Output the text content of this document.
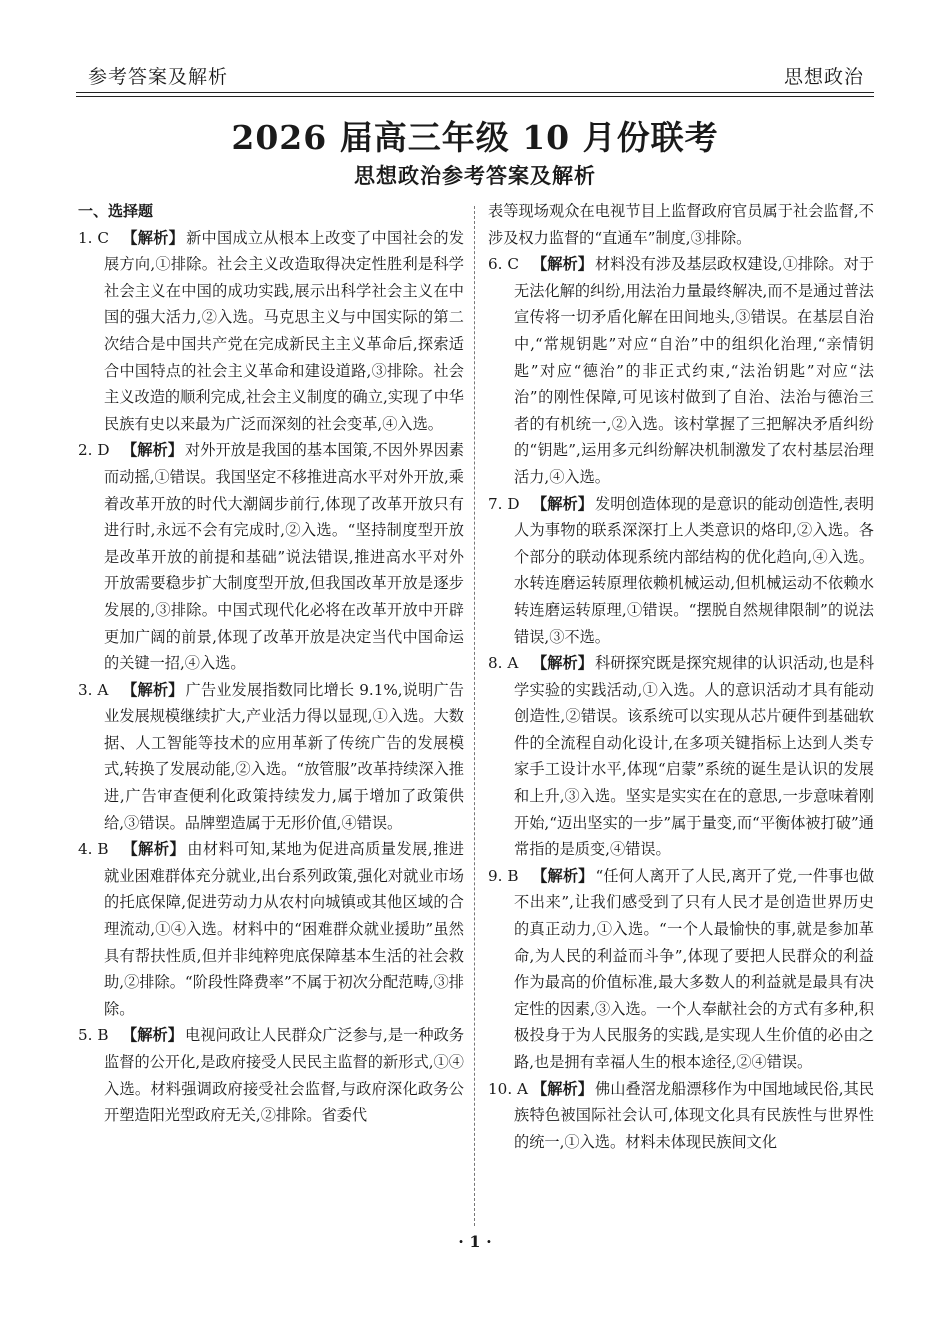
参考答案及解析	思想政治
2026 届高三年级 10 月份联考
思想政治参考答案及解析

一、选择题

1. C 【解析】 新中国成立从根本上改变了中国社会的发展方向,①排除。社会主义改造取得决定性胜利是科学社会主义在中国的成功实践,展示出科学社会主义在中国的强大活力,②入选。马克思主义与中国实际的第二次结合是中国共产党在完成新民主主义革命后,探索适合中国特点的社会主义革命和建设道路,③排除。社会主义改造的顺利完成,社会主义制度的确立,实现了中华民族有史以来最为广泛而深刻的社会变革,④入选。

2. D 【解析】 对外开放是我国的基本国策,不因外界因素而动摇,①错误。我国坚定不移推进高水平对外开放,乘着改革开放的时代大潮阔步前行,体现了改革开放只有进行时,永远不会有完成时,②入选。“坚持制度型开放是改革开放的前提和基础”说法错误,推进高水平对外开放需要稳步扩大制度型开放,但我国改革开放是逐步发展的,③排除。中国式现代化必将在改革开放中开辟更加广阔的前景,体现了改革开放是决定当代中国命运的关键一招,④入选。

3. A 【解析】 广告业发展指数同比增长 9.1%,说明广告业发展规模继续扩大,产业活力得以显现,①入选。大数据、人工智能等技术的应用革新了传统广告的发展模式,转换了发展动能,②入选。“放管服”改革持续深入推进,广告审查便利化政策持续发力,属于增加了政策供给,③错误。品牌塑造属于无形价值,④错误。

4. B 【解析】 由材料可知,某地为促进高质量发展,推进就业困难群体充分就业,出台系列政策,强化对就业市场的托底保障,促进劳动力从农村向城镇或其他区域的合理流动,①④入选。材料中的“困难群众就业援助”虽然具有帮扶性质,但并非纯粹兜底保障基本生活的社会救助,②排除。“阶段性降费率”不属于初次分配范畴,③排除。

5. B 【解析】 电视问政让人民群众广泛参与,是一种政务监督的公开化,是政府接受人民民主监督的新形式,①④入选。材料强调政府接受社会监督,与政府深化政务公开塑造阳光型政府无关,②排除。省委代

表等现场观众在电视节目上监督政府官员属于社会监督,不涉及权力监督的“直通车”制度,③排除。

6. C 【解析】 材料没有涉及基层政权建设,①排除。对于无法化解的纠纷,用法治力量最终解决,而不是通过普法宣传将一切矛盾化解在田间地头,③错误。在基层自治中,“常规钥匙”对应“自治”中的组织化治理,“亲情钥匙”对应“德治”的非正式约束,“法治钥匙”对应“法治”的刚性保障,可见该村做到了自治、法治与德治三者的有机统一,②入选。该村掌握了三把解决矛盾纠纷的“钥匙”,运用多元纠纷解决机制激发了农村基层治理活力,④入选。

7. D 【解析】 发明创造体现的是意识的能动创造性,表明人为事物的联系深深打上人类意识的烙印,②入选。各个部分的联动体现系统内部结构的优化趋向,④入选。水转连磨运转原理依赖机械运动,但机械运动不依赖水转连磨运转原理,①错误。“摆脱自然规律限制”的说法错误,③不选。

8. A 【解析】 科研探究既是探究规律的认识活动,也是科学实验的实践活动,①入选。人的意识活动才具有能动创造性,②错误。该系统可以实现从芯片硬件到基础软件的全流程自动化设计,在多项关键指标上达到人类专家手工设计水平,体现“启蒙”系统的诞生是认识的发展和上升,③入选。坚实是实实在在的意思,一步意味着刚开始,“迈出坚实的一步”属于量变,而“平衡体被打破”通常指的是质变,④错误。

9. B 【解析】 “任何人离开了人民,离开了党,一件事也做不出来”,让我们感受到了只有人民才是创造世界历史的真正动力,①入选。“一个人最愉快的事,就是参加革命,为人民的利益而斗争”,体现了要把人民群众的利益作为最高的价值标准,最大多数人的利益就是最具有决定性的因素,③入选。一个人奉献社会的方式有多种,积极投身于为人民服务的实践,是实现人生价值的必由之路,也是拥有幸福人生的根本途径,②④错误。

10. A 【解析】 佛山叠滘龙船漂移作为中国地域民俗,其民族特色被国际社会认可,体现文化具有民族性与世界性的统一,①入选。材料未体现民族间文化

· 1 ·
